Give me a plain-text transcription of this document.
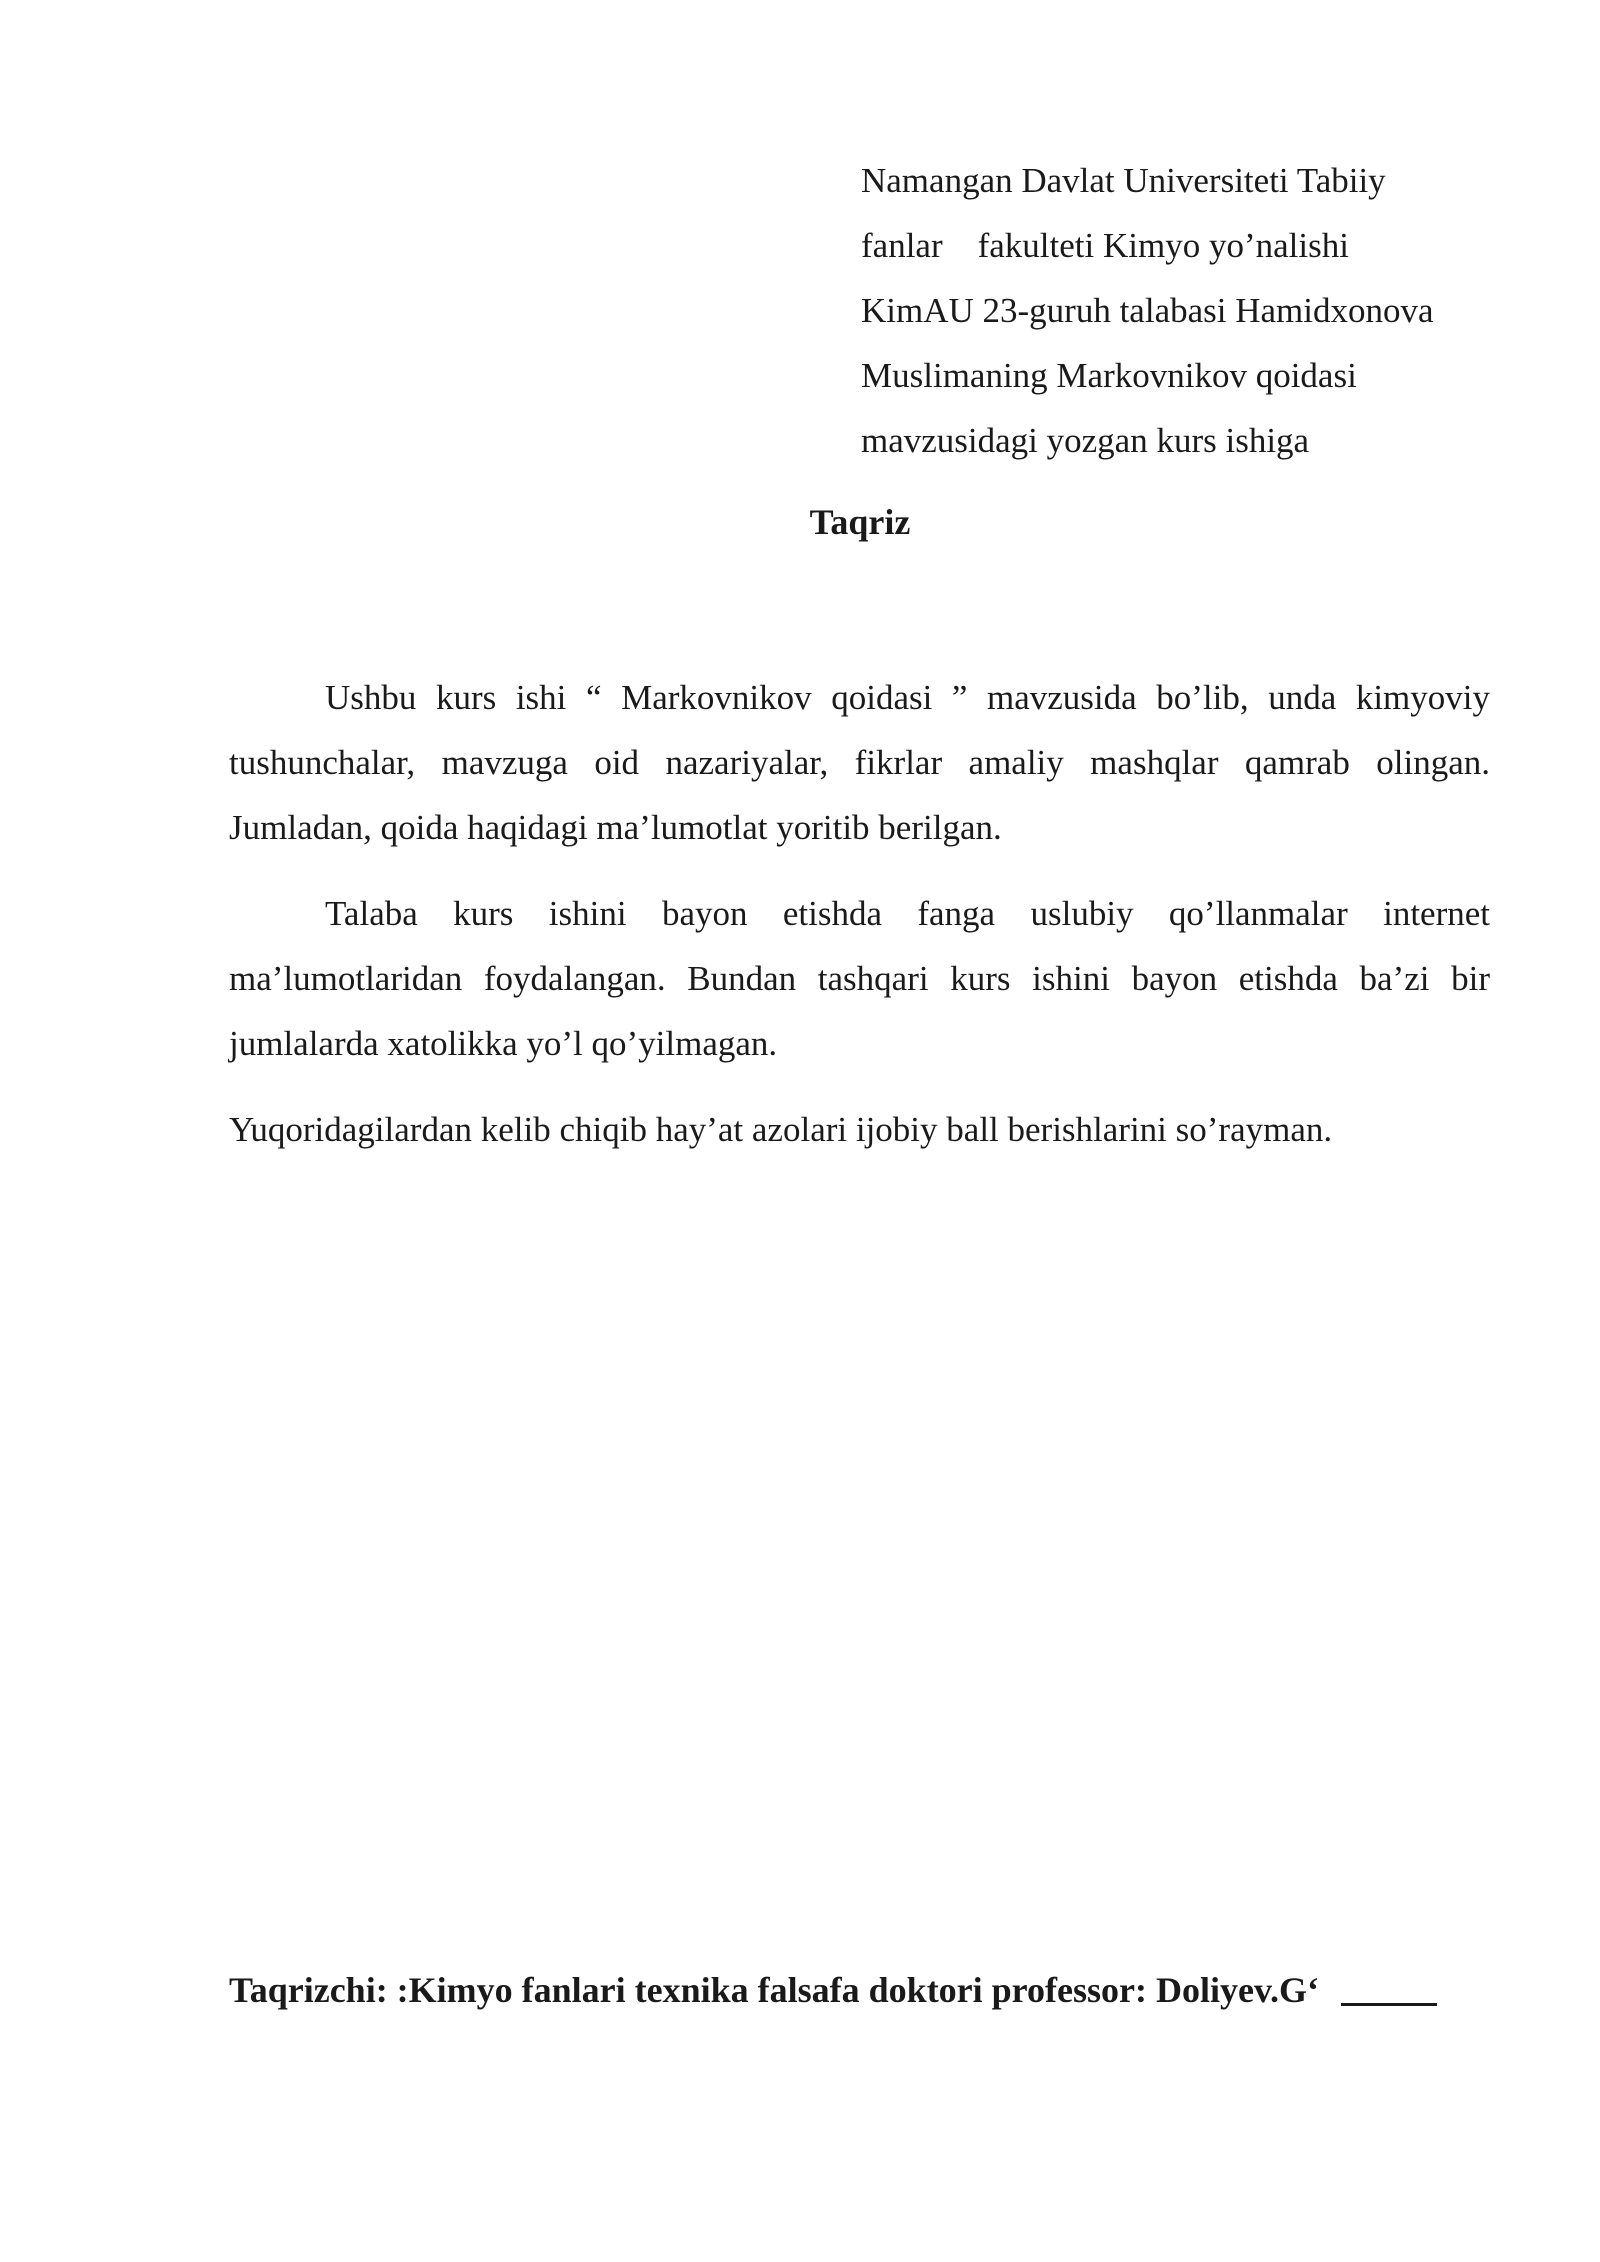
Namangan Davlat Universiteti Tabiiy
fanlar    fakulteti Kimyo yo’nalishi
KimAU 23-guruh talabasi Hamidxonova
Muslimaning Markovnikov qoidasi
mavzusidagi yozgan kurs ishiga
Taqriz

Ushbu kurs ishi “ Markovnikov qoidasi ” mavzusida bo’lib, unda kimyoviy tushunchalar, mavzuga oid nazariyalar, fikrlar amaliy mashqlar qamrab olingan. Jumladan, qoida haqidagi ma’lumotlat yoritib berilgan.

Talaba kurs ishini bayon etishda fanga uslubiy qo’llanmalar internet ma’lumotlaridan foydalangan. Bundan tashqari kurs ishini bayon etishda ba’zi bir jumlalarda xatolikka yo’l qo’yilmagan.

Yuqoridagilardan kelib chiqib hay’at azolari ijobiy ball berishlarini so’rayman.

Taqrizchi: :Kimyo fanlari texnika falsafa doktori professor: Doliyev.G‘
